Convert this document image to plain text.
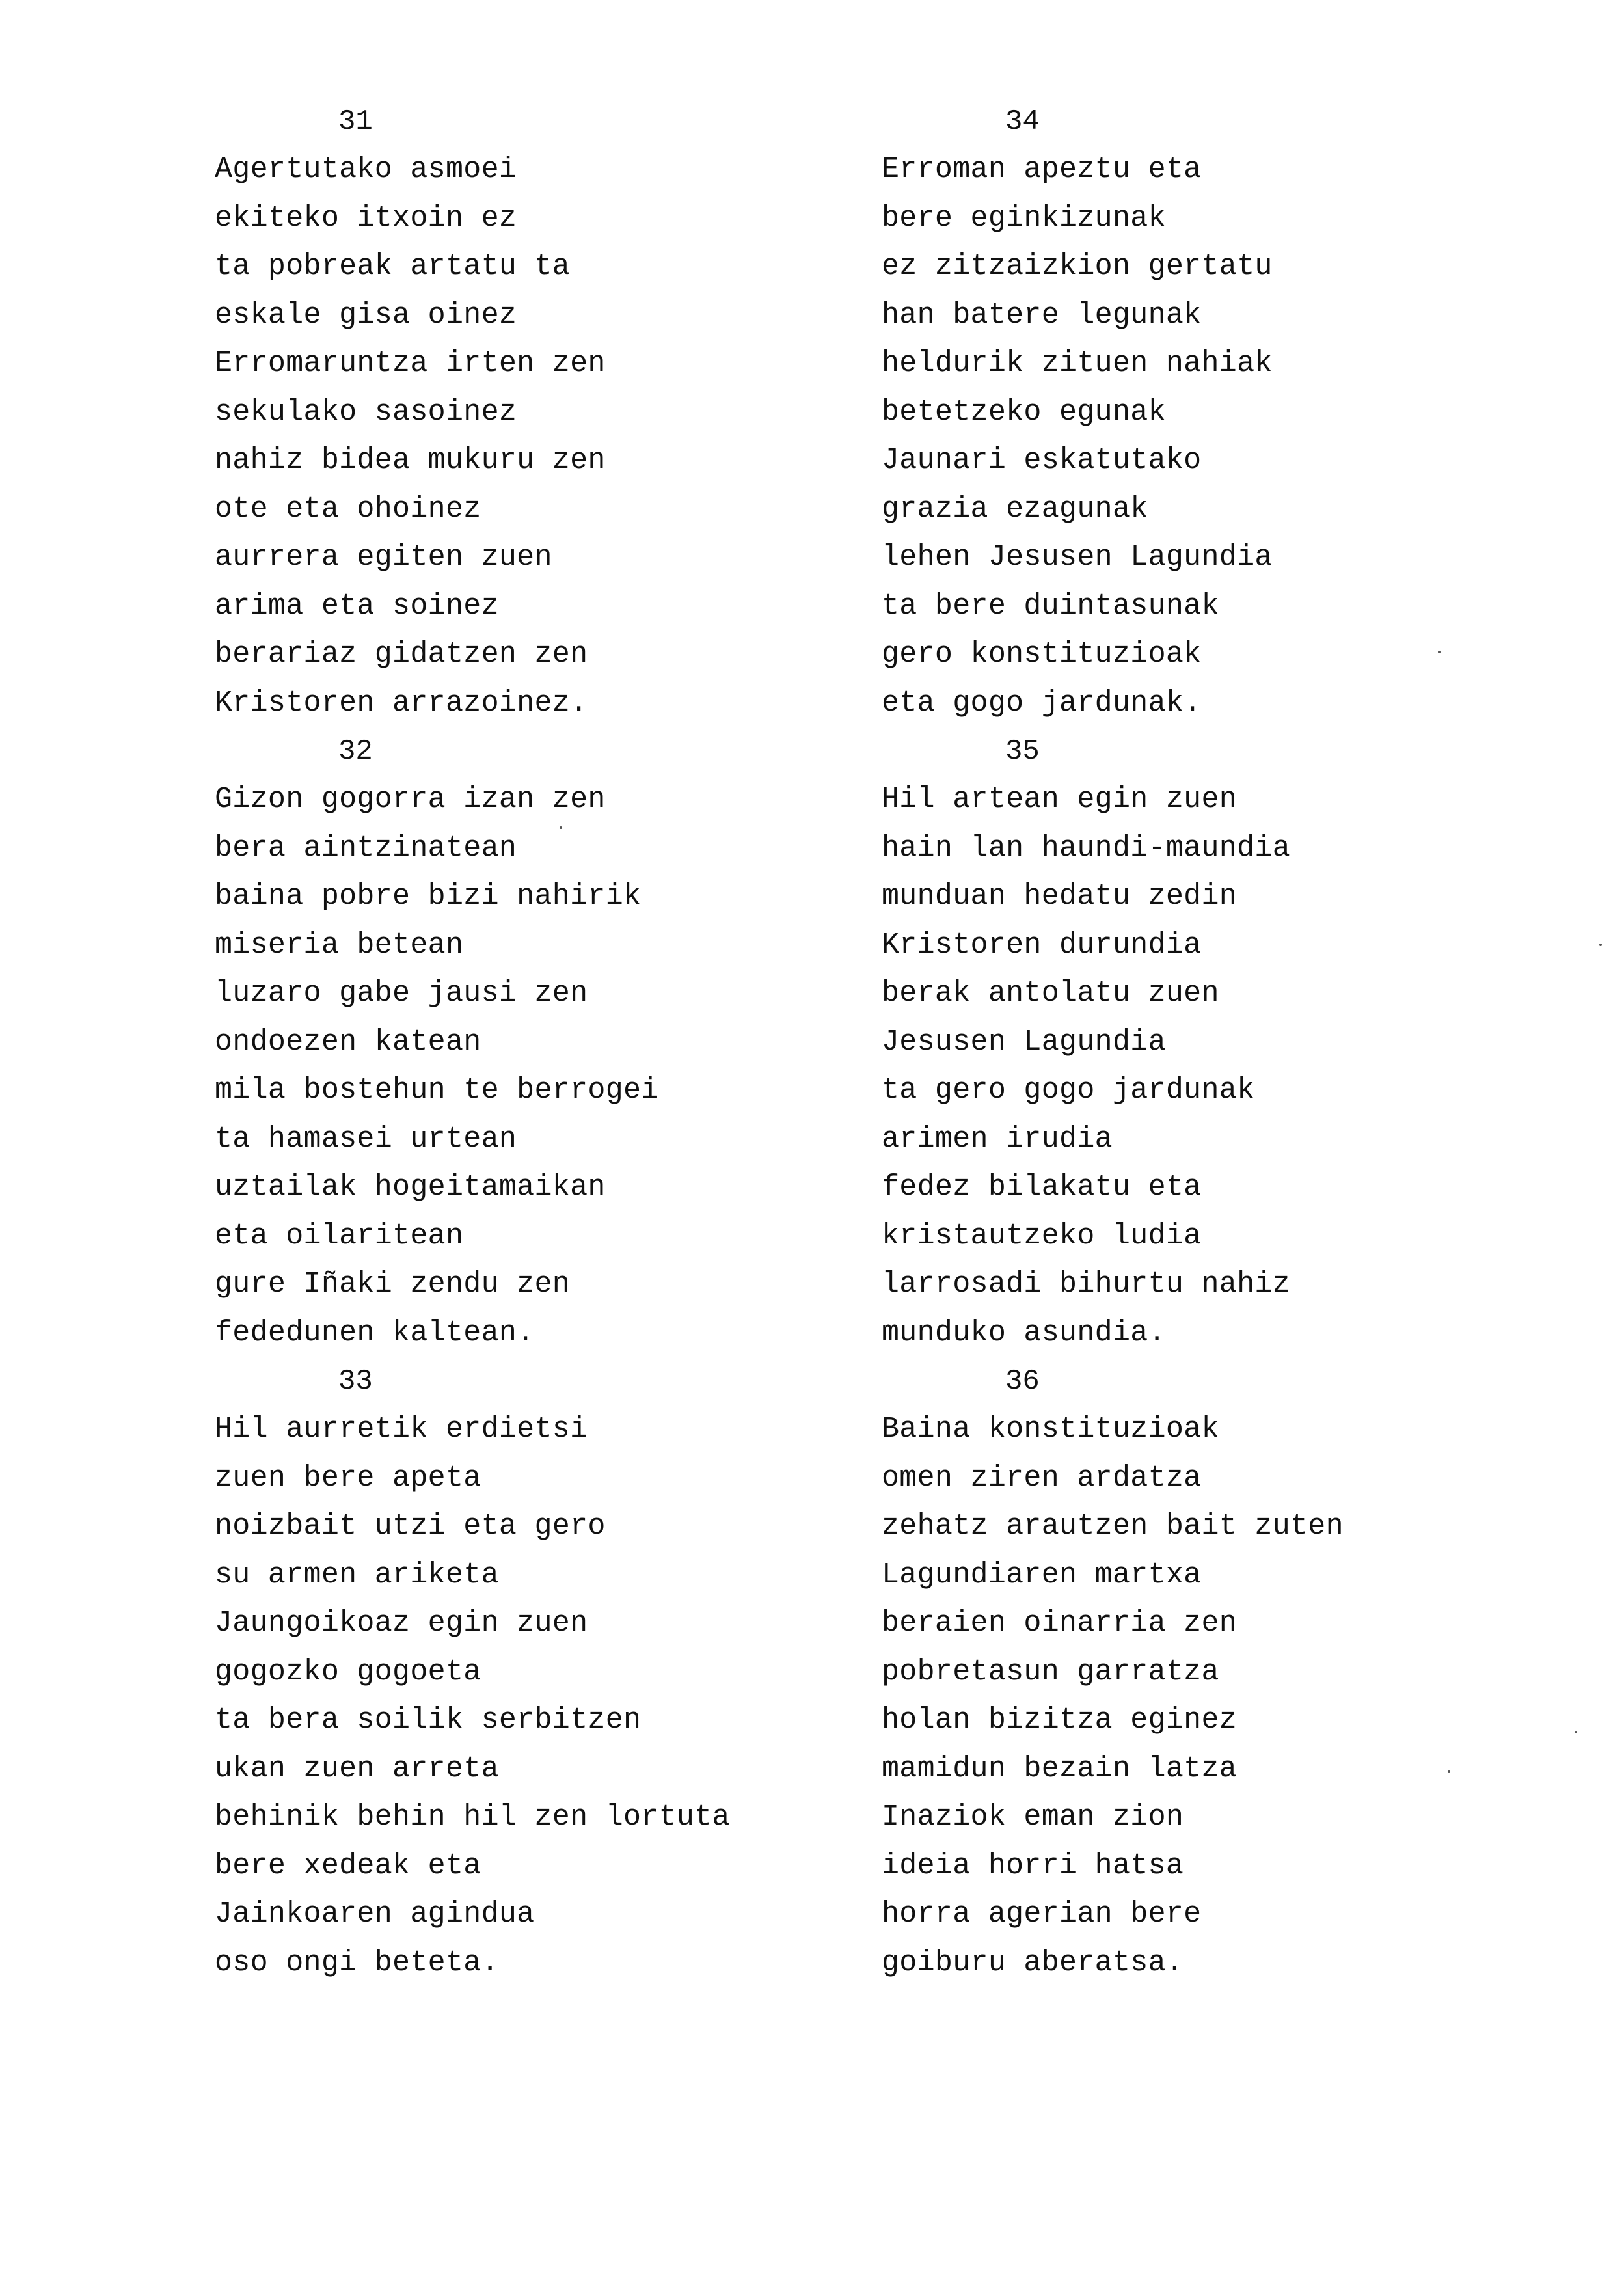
31
Agertutako asmoei
ekiteko itxoin ez
ta pobreak artatu ta
eskale gisa oinez
Erromaruntza irten zen
sekulako sasoinez
nahiz bidea mukuru zen
ote eta ohoinez
aurrera egiten zuen
arima eta soinez
berariaz gidatzen zen
Kristoren arrazoinez.
32
Gizon gogorra izan zen
bera aintzinatean
baina pobre bizi nahirik
miseria betean
luzaro gabe jausi zen
ondoezen katean
mila bostehun te berrogei
ta hamasei urtean
uztailak hogeitamaikan
eta oilaritean
gure Iñaki zendu zen
fededunen kaltean.
33
Hil aurretik erdietsi
zuen bere apeta
noizbait utzi eta gero
su armen ariketa
Jaungoikoaz egin zuen
gogozko gogoeta
ta bera soilik serbitzen
ukan zuen arreta
behinik behin hil zen lortuta
bere xedeak eta
Jainkoaren agindua
oso ongi beteta.
34
Erroman apeztu eta
bere eginkizunak
ez zitzaizkion gertatu
han batere legunak
heldurik zituen nahiak
betetzeko egunak
Jaunari eskatutako
grazia ezagunak
lehen Jesusen Lagundia
ta bere duintasunak
gero konstituzioak
eta gogo jardunak.
35
Hil artean egin zuen
hain lan haundi-maundia
munduan hedatu zedin
Kristoren durundia
berak antolatu zuen
Jesusen Lagundia
ta gero gogo jardunak
arimen irudia
fedez bilakatu eta
kristautzeko ludia
larrosadi bihurtu nahiz
munduko asundia.
36
Baina konstituzioak
omen ziren ardatza
zehatz arautzen bait zuten
Lagundiaren martxa
beraien oinarria zen
pobretasun garratza
holan bizitza eginez
mamidun bezain latza
Inaziok eman zion
ideia horri hatsa
horra agerian bere
goiburu aberatsa.
